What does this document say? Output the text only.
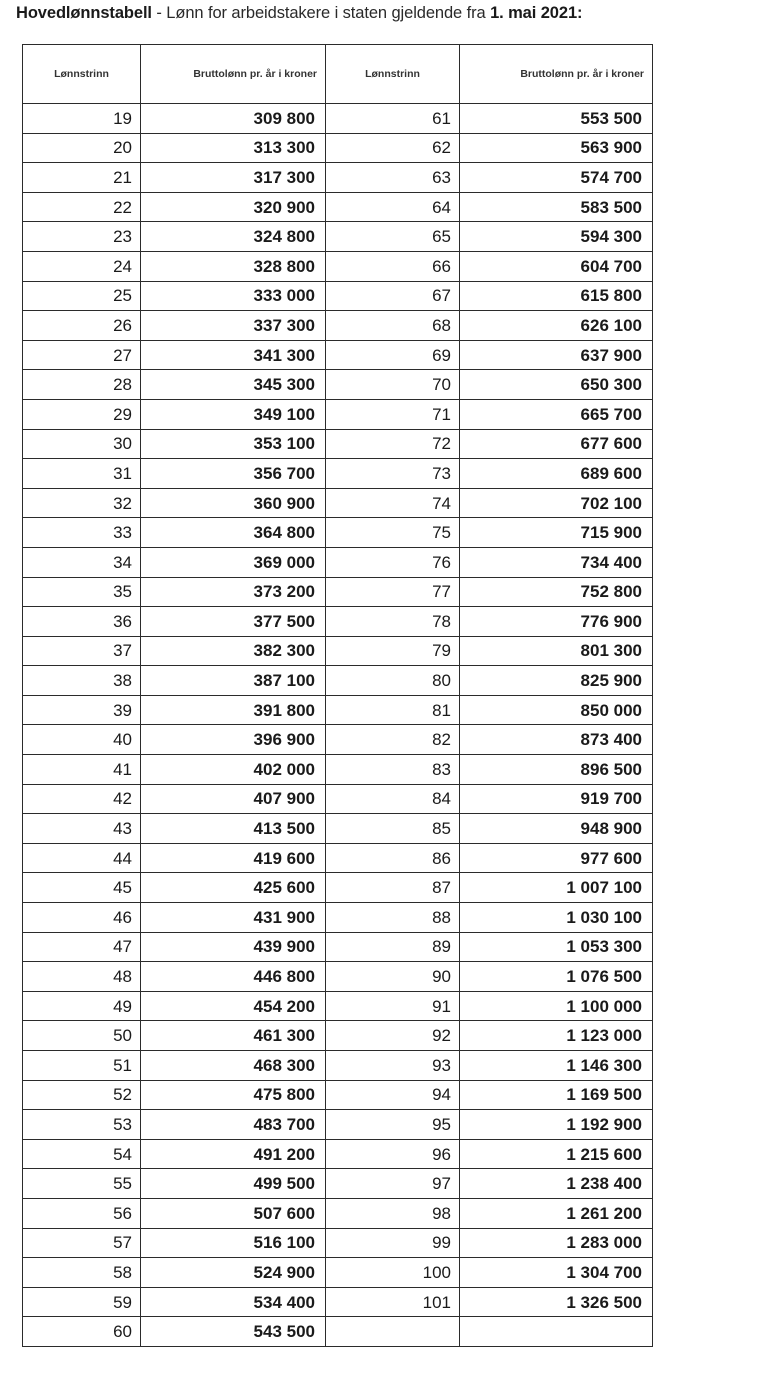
Hovedlønnstabell - Lønn for arbeidstakere i staten gjeldende fra 1. mai 2021:
Lønnstrinn	Bruttolønn pr. år i kroner	Lønnstrinn	Bruttolønn pr. år i kroner
19	309 800	61	553 500
20	313 300	62	563 900
21	317 300	63	574 700
22	320 900	64	583 500
23	324 800	65	594 300
24	328 800	66	604 700
25	333 000	67	615 800
26	337 300	68	626 100
27	341 300	69	637 900
28	345 300	70	650 300
29	349 100	71	665 700
30	353 100	72	677 600
31	356 700	73	689 600
32	360 900	74	702 100
33	364 800	75	715 900
34	369 000	76	734 400
35	373 200	77	752 800
36	377 500	78	776 900
37	382 300	79	801 300
38	387 100	80	825 900
39	391 800	81	850 000
40	396 900	82	873 400
41	402 000	83	896 500
42	407 900	84	919 700
43	413 500	85	948 900
44	419 600	86	977 600
45	425 600	87	1 007 100
46	431 900	88	1 030 100
47	439 900	89	1 053 300
48	446 800	90	1 076 500
49	454 200	91	1 100 000
50	461 300	92	1 123 000
51	468 300	93	1 146 300
52	475 800	94	1 169 500
53	483 700	95	1 192 900
54	491 200	96	1 215 600
55	499 500	97	1 238 400
56	507 600	98	1 261 200
57	516 100	99	1 283 000
58	524 900	100	1 304 700
59	534 400	101	1 326 500
60	543 500		
